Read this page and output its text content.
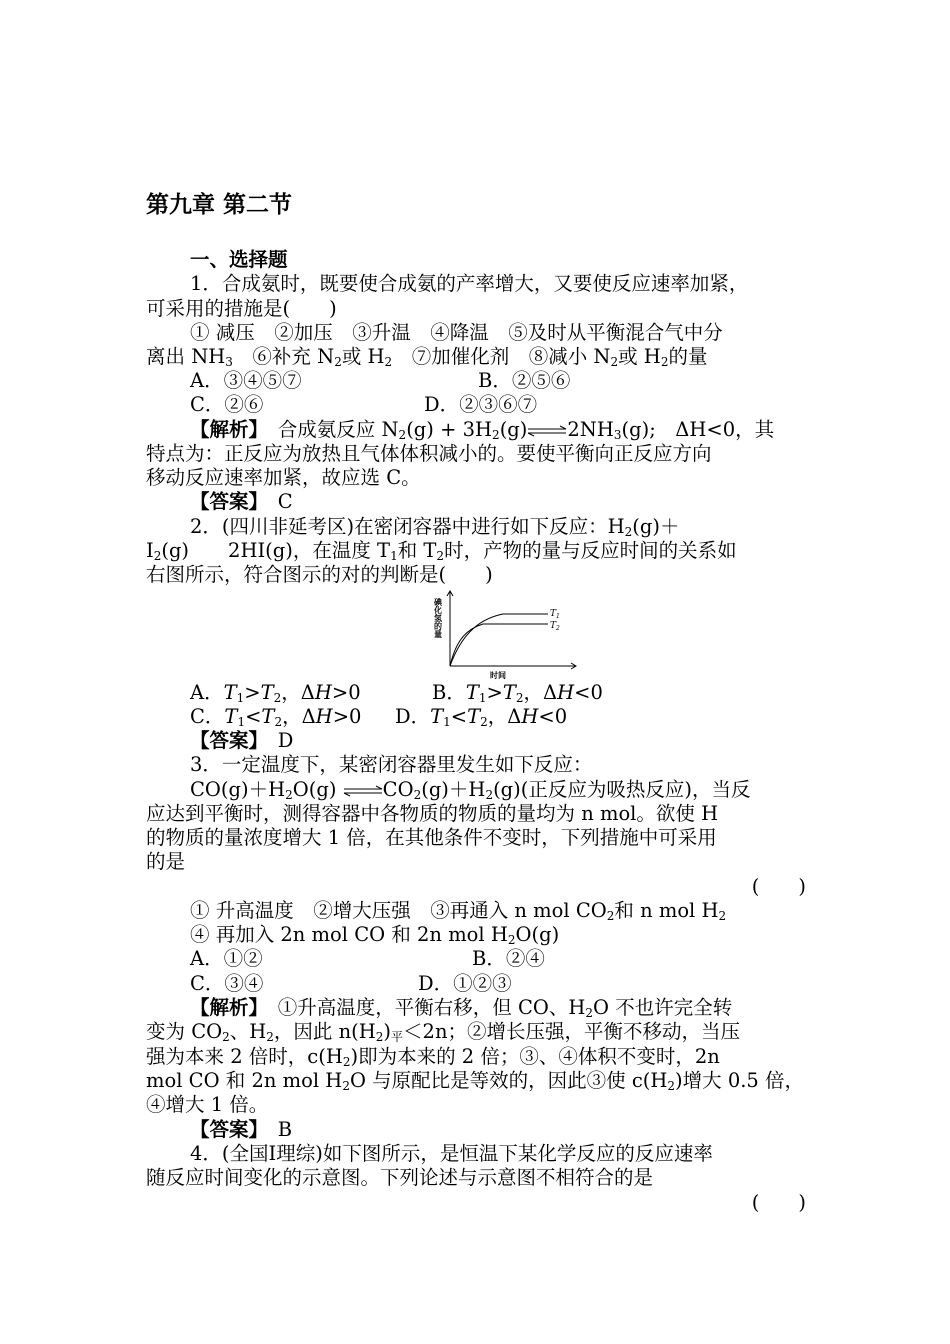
第九章 第二节
一、选择题
1．合成氨时，既要使合成氨的产率增大，又要使反应速率加紧，
可采用的措施是(　　)
① 减压　②加压　③升温　④降温　⑤及时从平衡混合气中分
离出 $NH_3$　⑥补充 $N_2$或 $H_2$　⑦加催化剂　⑧减小 $N_2$或 $H_2$的量
A．③④⑤⑦	B．②⑤⑥
C．②⑥	D．②③⑥⑦
【解析】　 合成氨反应 $N_2(g)$ + $3H_2(g)\rightleftharpoons 2NH_3(g)$;　ΔH<0，其
特点为：正反应为放热且气体体积减小的。要使平衡向正反应方向
移动反应速率加紧，故应选 C。
【答案】　 C
2．(四川非延考区)在密闭容器中进行如下反应：$H_2(g)+$
$I_2(g)$　　2HI(g)，在温度 $T_1$和 $T_2$时，产物的量与反应时间的关系如
右图所示，符合图示的对的判断是(　　)
$T_1$
$T_2$
碘化氢的量
时间
A．$T_1>T_2$，ΔH>0	B．$T_1>T_2$，ΔH<0
C．$T_1<T_2$，ΔH>0	D．$T_1<T_2$，ΔH<0
【答案】　 D
3．一定温度下，某密闭容器里发生如下反应：
$CO(g)+H_2O(g)$ $\rightleftharpoons CO_2(g)+H_2(g)$(正反应为吸热反应)，当反
应达到平衡时，测得容器中各物质的物质的量均为 n mol。欲使 H
的物质的量浓度增大 1 倍，在其他条件不变时，下列措施中可采用
的是
(　　)
① 升高温度　②增大压强　③再通入 n mol $CO_2$和 n mol $H_2$
④ 再加入 2n mol CO 和 2n mol $H_2O(g)$
A．①②	B．②④
C．③④	D．①②③
【解析】　 ①升高温度，平衡右移，但 CO、$H_2O$ 不也许完全转
变为 $CO_2$、$H_2$，因此 $n(H_2)_平<2n$；②增长压强，平衡不移动，当压
强为本来 2 倍时，$c(H_2)$即为本来的 2 倍；③、④体积不变时，2n
mol CO 和 2n mol $H_2O$ 与原配比是等效的，因此③使 $c(H_2)$增大 0.5 倍，
④增大 1 倍。
【答案】　 B
4．(全国Ⅰ理综)如下图所示，是恒温下某化学反应的反应速率
随反应时间变化的示意图。下列论述与示意图不相符合的是
(　　)
